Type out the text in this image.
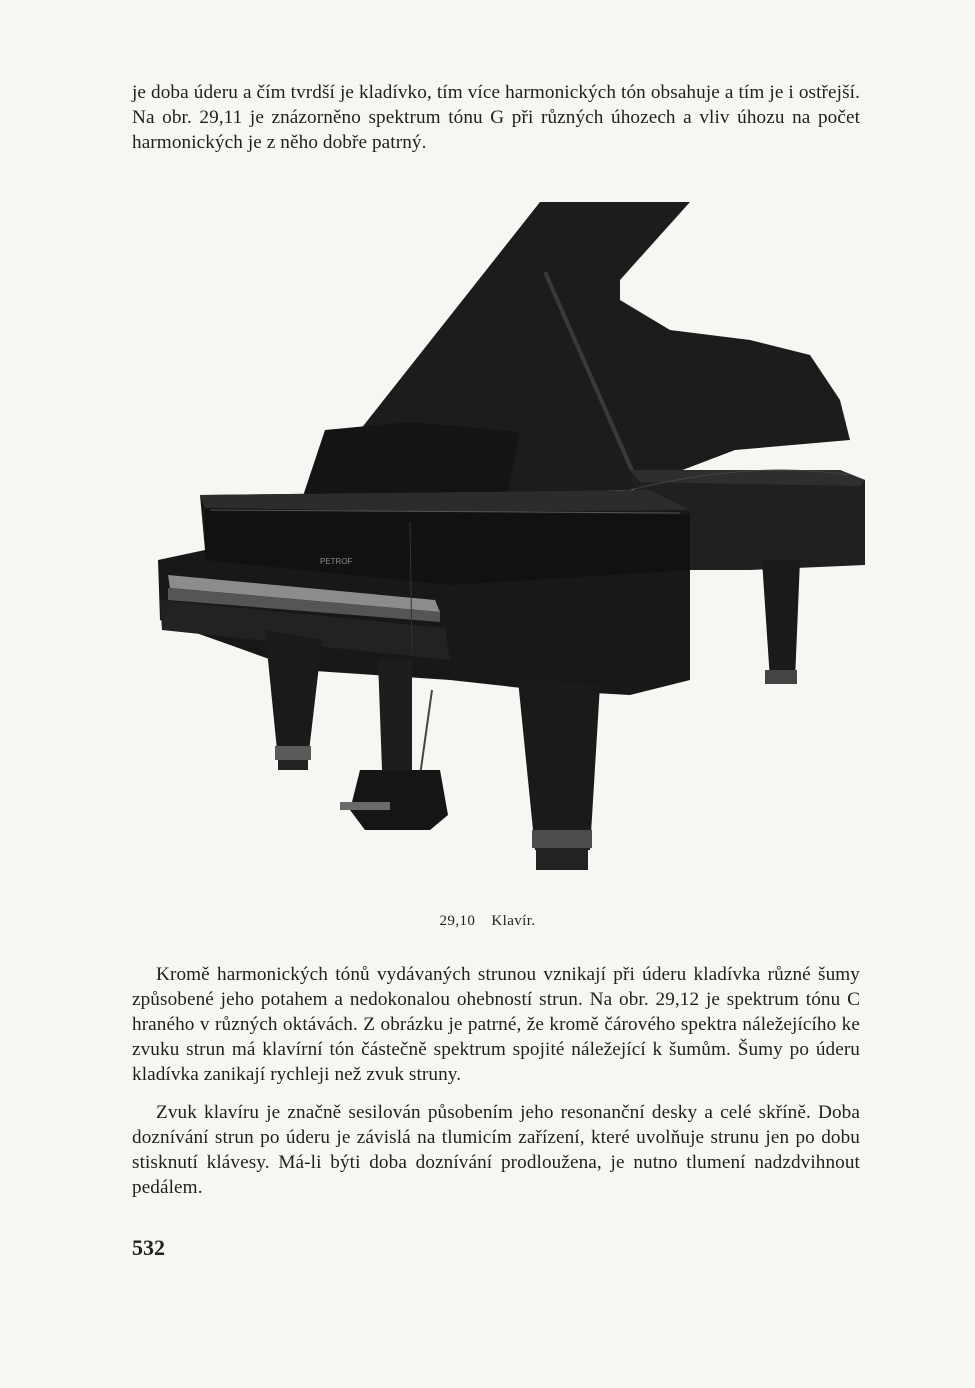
je doba úderu a čím tvrdší je kladívko, tím více harmonických tón obsahuje a tím je i ostřejší. Na obr. 29,11 je znázorněno spektrum tónu G při různých úhozech a vliv úhozu na počet harmonických je z něho dobře patrný.

PETROF
29,10 Klavír.

Kromě harmonických tónů vydávaných strunou vznikají při úderu kladívka různé šumy způsobené jeho potahem a nedokonalou ohebností strun. Na obr. 29,12 je spektrum tónu C hraného v různých oktávách. Z obrázku je patrné, že kromě čárového spektra náležejícího ke zvuku strun má klavírní tón částečně spektrum spojité náležející k šumům. Šumy po úderu kladívka zanikají rychleji než zvuk struny.

Zvuk klavíru je značně sesilován působením jeho resonanční desky a celé skříně. Doba doznívání strun po úderu je závislá na tlumicím zařízení, které uvolňuje strunu jen po dobu stisknutí klávesy. Má-li býti doba doznívání prodloužena, je nutno tlumení nadzdvihnout pedálem.

532
